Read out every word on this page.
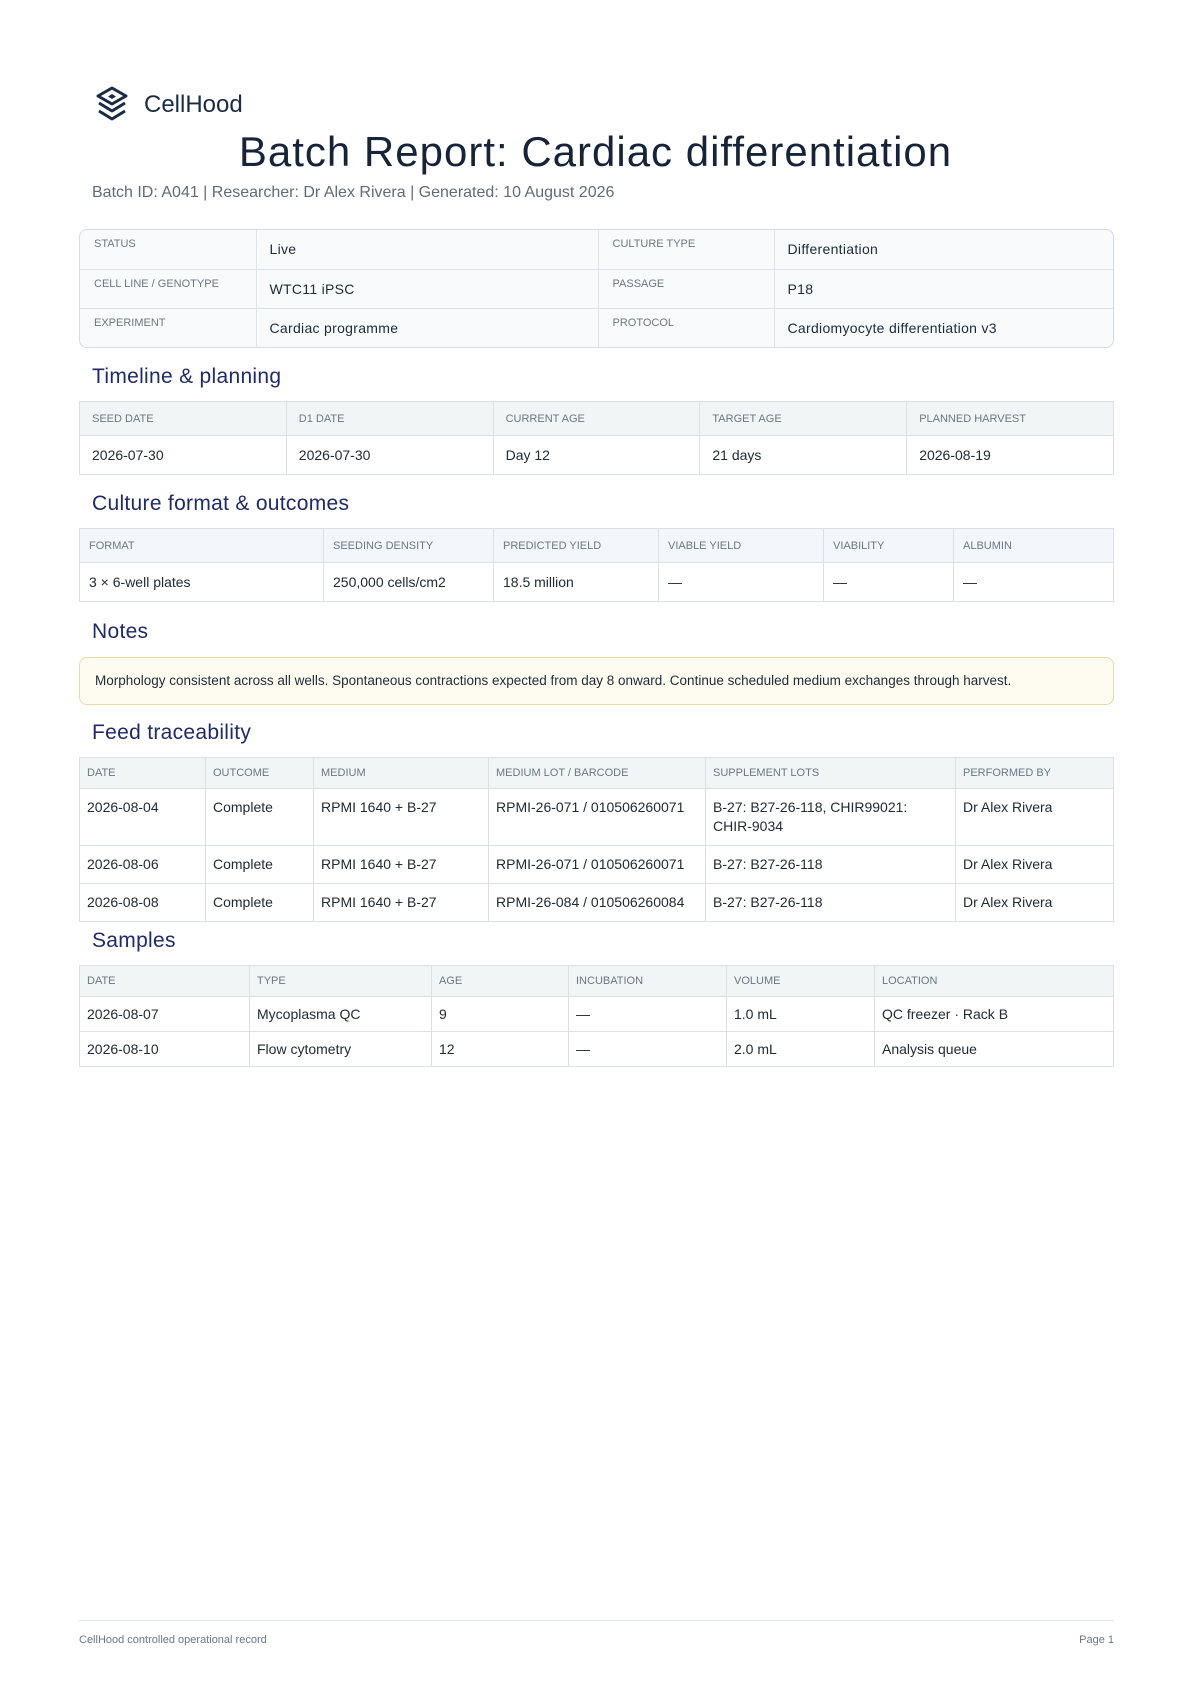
CellHood
Batch Report: Cardiac differentiation
Batch ID: A041 | Researcher: Dr Alex Rivera | Generated: 10 August 2026
STATUS	Live	CULTURE TYPE	Differentiation
CELL LINE / GENOTYPE	WTC11 iPSC	PASSAGE	P18
EXPERIMENT	Cardiac programme	PROTOCOL	Cardiomyocyte differentiation v3
Timeline & planning
SEED DATE	D1 DATE	CURRENT AGE	TARGET AGE	PLANNED HARVEST
2026-07-30	2026-07-30	Day 12	21 days	2026-08-19
Culture format & outcomes
FORMAT	SEEDING DENSITY	PREDICTED YIELD	VIABLE YIELD	VIABILITY	ALBUMIN
3 × 6-well plates	250,000 cells/cm2	18.5 million	—	—	—
Notes
Morphology consistent across all wells. Spontaneous contractions expected from day 8 onward. Continue scheduled medium exchanges through harvest.
Feed traceability
DATE	OUTCOME	MEDIUM	MEDIUM LOT / BARCODE	SUPPLEMENT LOTS	PERFORMED BY
2026-08-04	Complete	RPMI 1640 + B-27	RPMI-26-071 / 010506260071	B-27: B27-26-118, CHIR99021: CHIR-9034	Dr Alex Rivera
2026-08-06	Complete	RPMI 1640 + B-27	RPMI-26-071 / 010506260071	B-27: B27-26-118	Dr Alex Rivera
2026-08-08	Complete	RPMI 1640 + B-27	RPMI-26-084 / 010506260084	B-27: B27-26-118	Dr Alex Rivera
Samples
DATE	TYPE	AGE	INCUBATION	VOLUME	LOCATION
2026-08-07	Mycoplasma QC	9	—	1.0 mL	QC freezer · Rack B
2026-08-10	Flow cytometry	12	—	2.0 mL	Analysis queue
CellHood controlled operational record	Page 1
